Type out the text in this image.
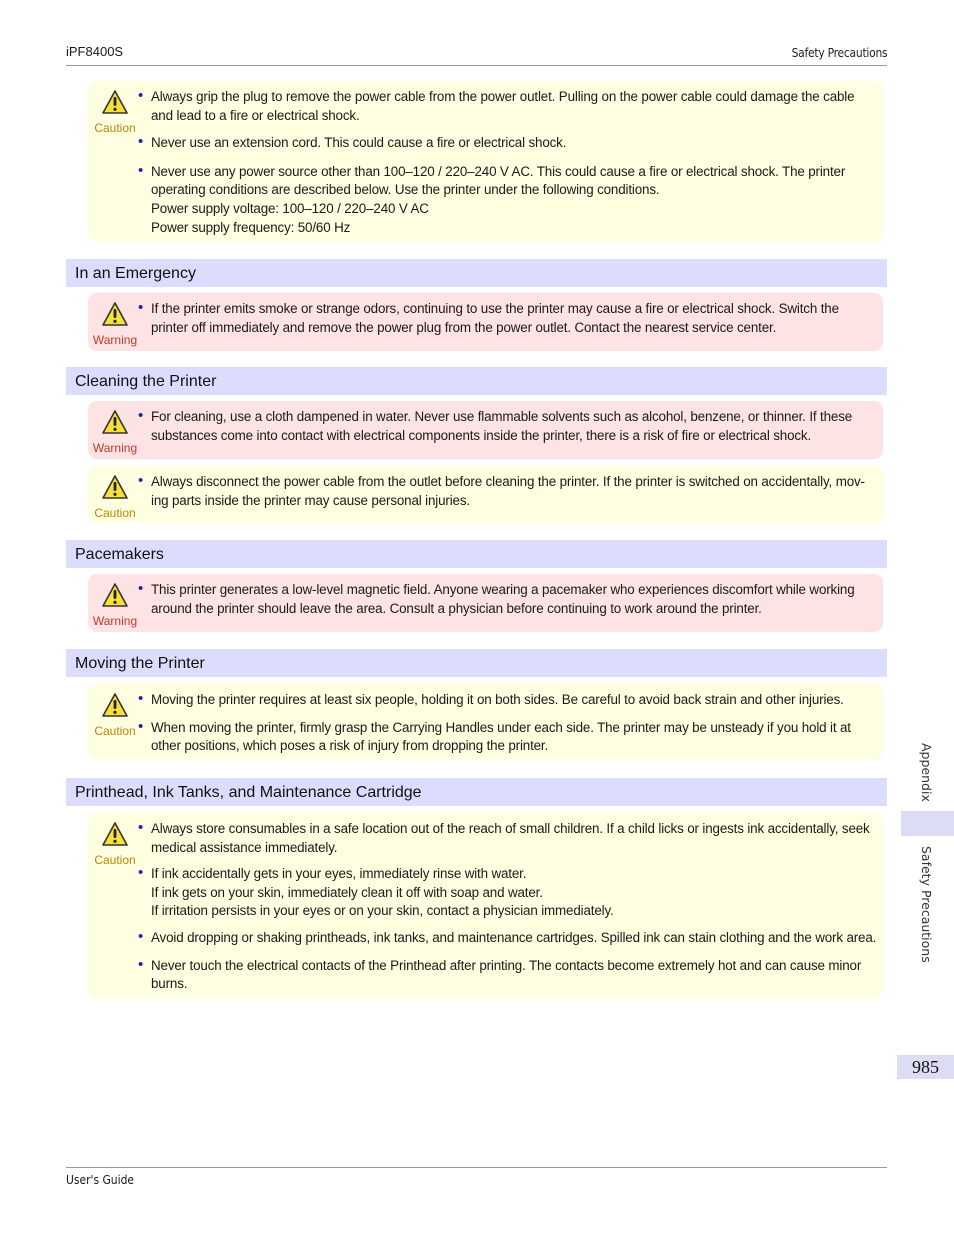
iPF8400S	Safety Precautions
Caution
• Always grip the plug to remove the power cable from the power outlet. Pulling on the power cable could damage the cable and lead to a fire or electrical shock.
• Never use an extension cord. This could cause a fire or electrical shock.
• Never use any power source other than 100–120 / 220–240 V AC. This could cause a fire or electrical shock. The printer operating conditions are described below. Use the printer under the following conditions.
Power supply voltage: 100–120 / 220–240 V AC
Power supply frequency: 50/60 Hz
In an Emergency
Warning
• If the printer emits smoke or strange odors, continuing to use the printer may cause a fire or electrical shock. Switch the printer off immediately and remove the power plug from the power outlet. Contact the nearest service center.
Cleaning the Printer
Warning
• For cleaning, use a cloth dampened in water. Never use flammable solvents such as alcohol, benzene, or thinner. If these substances come into contact with electrical components inside the printer, there is a risk of fire or electrical shock.
Caution
• Always disconnect the power cable from the outlet before cleaning the printer. If the printer is switched on accidentally, mov- ing parts inside the printer may cause personal injuries.
Pacemakers
Warning
• This printer generates a low-level magnetic field. Anyone wearing a pacemaker who experiences discomfort while working around the printer should leave the area. Consult a physician before continuing to work around the printer.
Moving the Printer
Caution
• Moving the printer requires at least six people, holding it on both sides. Be careful to avoid back strain and other injuries.
• When moving the printer, firmly grasp the Carrying Handles under each side. The printer may be unsteady if you hold it at other positions, which poses a risk of injury from dropping the printer.
Printhead, Ink Tanks, and Maintenance Cartridge
Caution
• Always store consumables in a safe location out of the reach of small children. If a child licks or ingests ink accidentally, seek medical assistance immediately.
• If ink accidentally gets in your eyes, immediately rinse with water.
If ink gets on your skin, immediately clean it off with soap and water.
If irritation persists in your eyes or on your skin, contact a physician immediately.
• Avoid dropping or shaking printheads, ink tanks, and maintenance cartridges. Spilled ink can stain clothing and the work area.
• Never touch the electrical contacts of the Printhead after printing. The contacts become extremely hot and can cause minor burns.
Appendix
Safety Precautions
985
User's Guide
